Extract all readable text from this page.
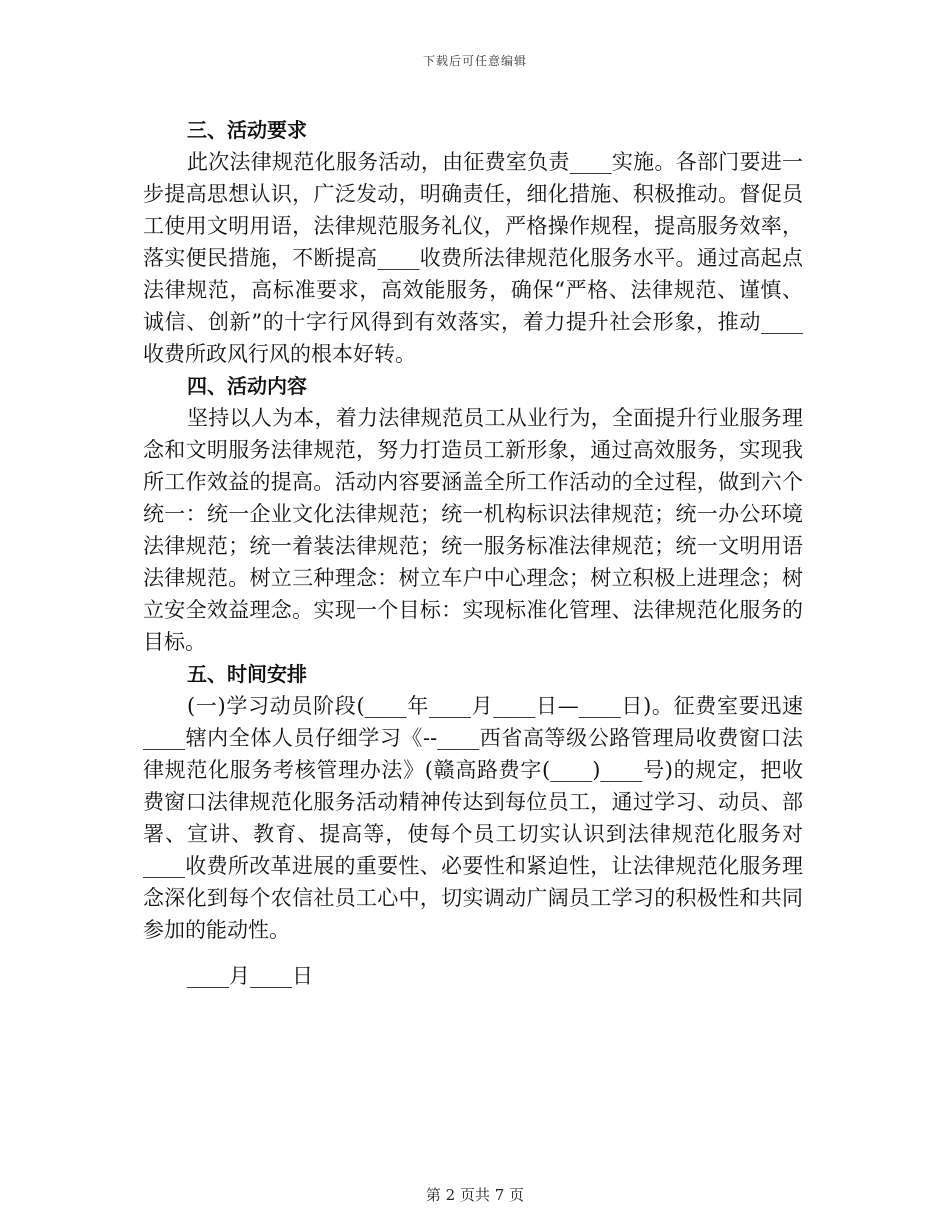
下载后可任意编辑
三、活动要求

此次法律规范化服务活动，由征费室负责____实施。各部门要进一步提高思想认识，广泛发动，明确责任，细化措施、积极推动。督促员工使用文明用语，法律规范服务礼仪，严格操作规程，提高服务效率，落实便民措施，不断提高____收费所法律规范化服务水平。通过高起点法律规范，高标准要求，高效能服务，确保“严格、法律规范、谨慎、诚信、创新”的十字行风得到有效落实，着力提升社会形象，推动____收费所政风行风的根本好转。

四、活动内容

坚持以人为本，着力法律规范员工从业行为，全面提升行业服务理念和文明服务法律规范，努力打造员工新形象，通过高效服务，实现我所工作效益的提高。活动内容要涵盖全所工作活动的全过程，做到六个统一：统一企业文化法律规范；统一机构标识法律规范；统一办公环境法律规范；统一着装法律规范；统一服务标准法律规范；统一文明用语法律规范。树立三种理念：树立车户中心理念；树立积极上进理念；树立安全效益理念。实现一个目标：实现标准化管理、法律规范化服务的目标。

五、时间安排

(一)学习动员阶段(____年____月____日—____日)。征费室要迅速____辖内全体人员仔细学习《--____西省高等级公路管理局收费窗口法律规范化服务考核管理办法》(赣高路费字(____)____号)的规定，把收费窗口法律规范化服务活动精神传达到每位员工，通过学习、动员、部署、宣讲、教育、提高等，使每个员工切实认识到法律规范化服务对____收费所改革进展的重要性、必要性和紧迫性，让法律规范化服务理念深化到每个农信社员工心中，切实调动广阔员工学习的积极性和共同参加的能动性。

____月____日

第 2 页共 7 页
